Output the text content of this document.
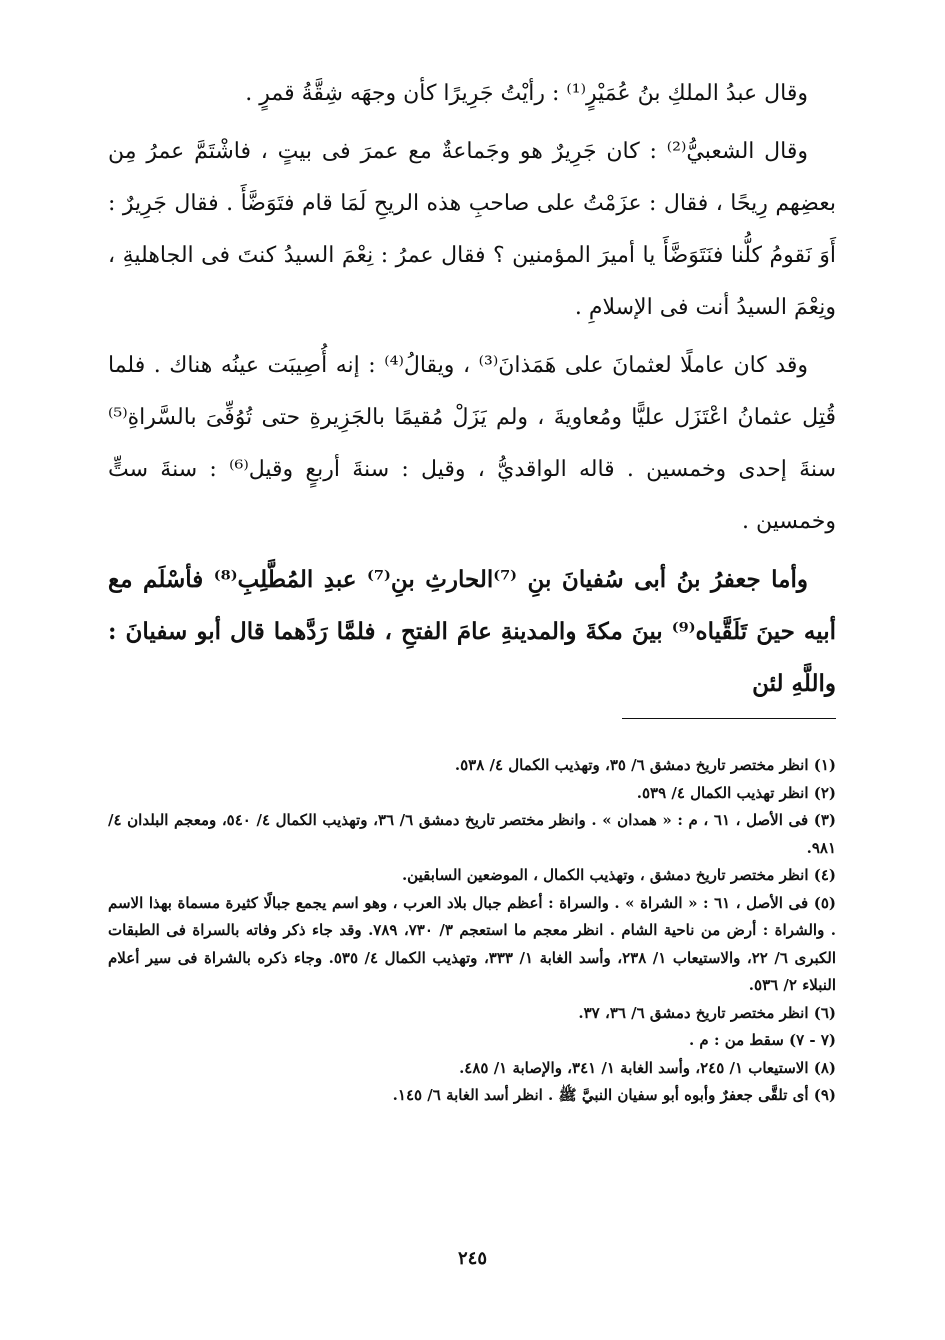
وقال عبدُ الملكِ بنُ عُمَيْرٍ⁽¹⁾ : رأيْتُ جَرِيرًا كأن وجهَه شِقَّةُ قمرٍ .

وقال الشعبيُّ⁽²⁾ : كان جَرِيرٌ هو وجَماعةٌ مع عمرَ فى بيتٍ ، فاشْتَمَّ عمرُ مِن بعضِهم رِيحًا ، فقال : عزَمْتُ على صاحبِ هذه الريحِ لَمَا قام فتَوَضَّأَ . فقال جَرِيرٌ : أَوَ نَقومُ كلُّنا فنَتَوَضَّأَ يا أميرَ المؤمنين ؟ فقال عمرُ : نِعْمَ السيدُ كنتَ فى الجاهليةِ ، ونِعْمَ السيدُ أنت فى الإسلامِ .

وقد كان عاملًا لعثمانَ على هَمَذانَ⁽³⁾ ، ويقالُ⁽⁴⁾ : إنه أُصِيبَت عينُه هناك . فلما قُتِل عثمانُ اعْتَزَل عليًّا ومُعاويةَ ، ولم يَزَلْ مُقيمًا بالجَزِيرةِ حتى تُوُفِّىَ بالسَّراةِ⁽⁵⁾ سنةَ إحدى وخمسين . قاله الواقديُّ ، وقيل : سنةَ أربعٍ وقيل⁽⁶⁾ : سنةَ ستٍّ وخمسين .

وأما جعفرُ بنُ أبى سُفيانَ بنِ ⁽⁷⁾الحارثِ بنِ⁽⁷⁾ عبدِ المُطَّلِبِ⁽⁸⁾ فأسْلَم مع أبيه حينَ تَلَقَّياه⁽⁹⁾ بينَ مكةَ والمدينةِ عامَ الفتحِ ، فلمَّا رَدَّهما قال أبو سفيانَ : واللَّهِ لئن

(١) انظر مختصر تاريخ دمشق ٦/ ٣٥، وتهذيب الكمال ٤/ ٥٣٨.

(٢) انظر تهذيب الكمال ٤/ ٥٣٩.

(٣) فى الأصل ، ٦١ ، م : « همدان » . وانظر مختصر تاريخ دمشق ٦/ ٣٦، وتهذيب الكمال ٤/ ٥٤٠، ومعجم البلدان ٤/ ٩٨١.

(٤) انظر مختصر تاريخ دمشق ، وتهذيب الكمال ، الموضعين السابقين.

(٥) فى الأصل ، ٦١ : « الشراة » . والسراة : أعظم جبال بلاد العرب ، وهو اسم يجمع جبالًا كثيرة مسماة بهذا الاسم . والشراة : أرض من ناحية الشام . انظر معجم ما استعجم ٣/ ٧٣٠، ٧٨٩. وقد جاء ذكر وفاته بالسراة فى الطبقات الكبرى ٦/ ٢٢، والاستيعاب ١/ ٢٣٨، وأسد الغابة ١/ ٣٣٣، وتهذيب الكمال ٤/ ٥٣٥. وجاء ذكره بالشراة فى سير أعلام النبلاء ٢/ ٥٣٦.

(٦) انظر مختصر تاريخ دمشق ٦/ ٣٦، ٣٧.

(٧ - ٧) سقط من : م .

(٨) الاستيعاب ١/ ٢٤٥، وأسد الغابة ١/ ٣٤١، والإصابة ١/ ٤٨٥.

(٩) أى تلقَّى جعفرٌ وأبوه أبو سفيان النبيَّ ﷺ . انظر أسد الغابة ٦/ ١٤٥.

٢٤٥
